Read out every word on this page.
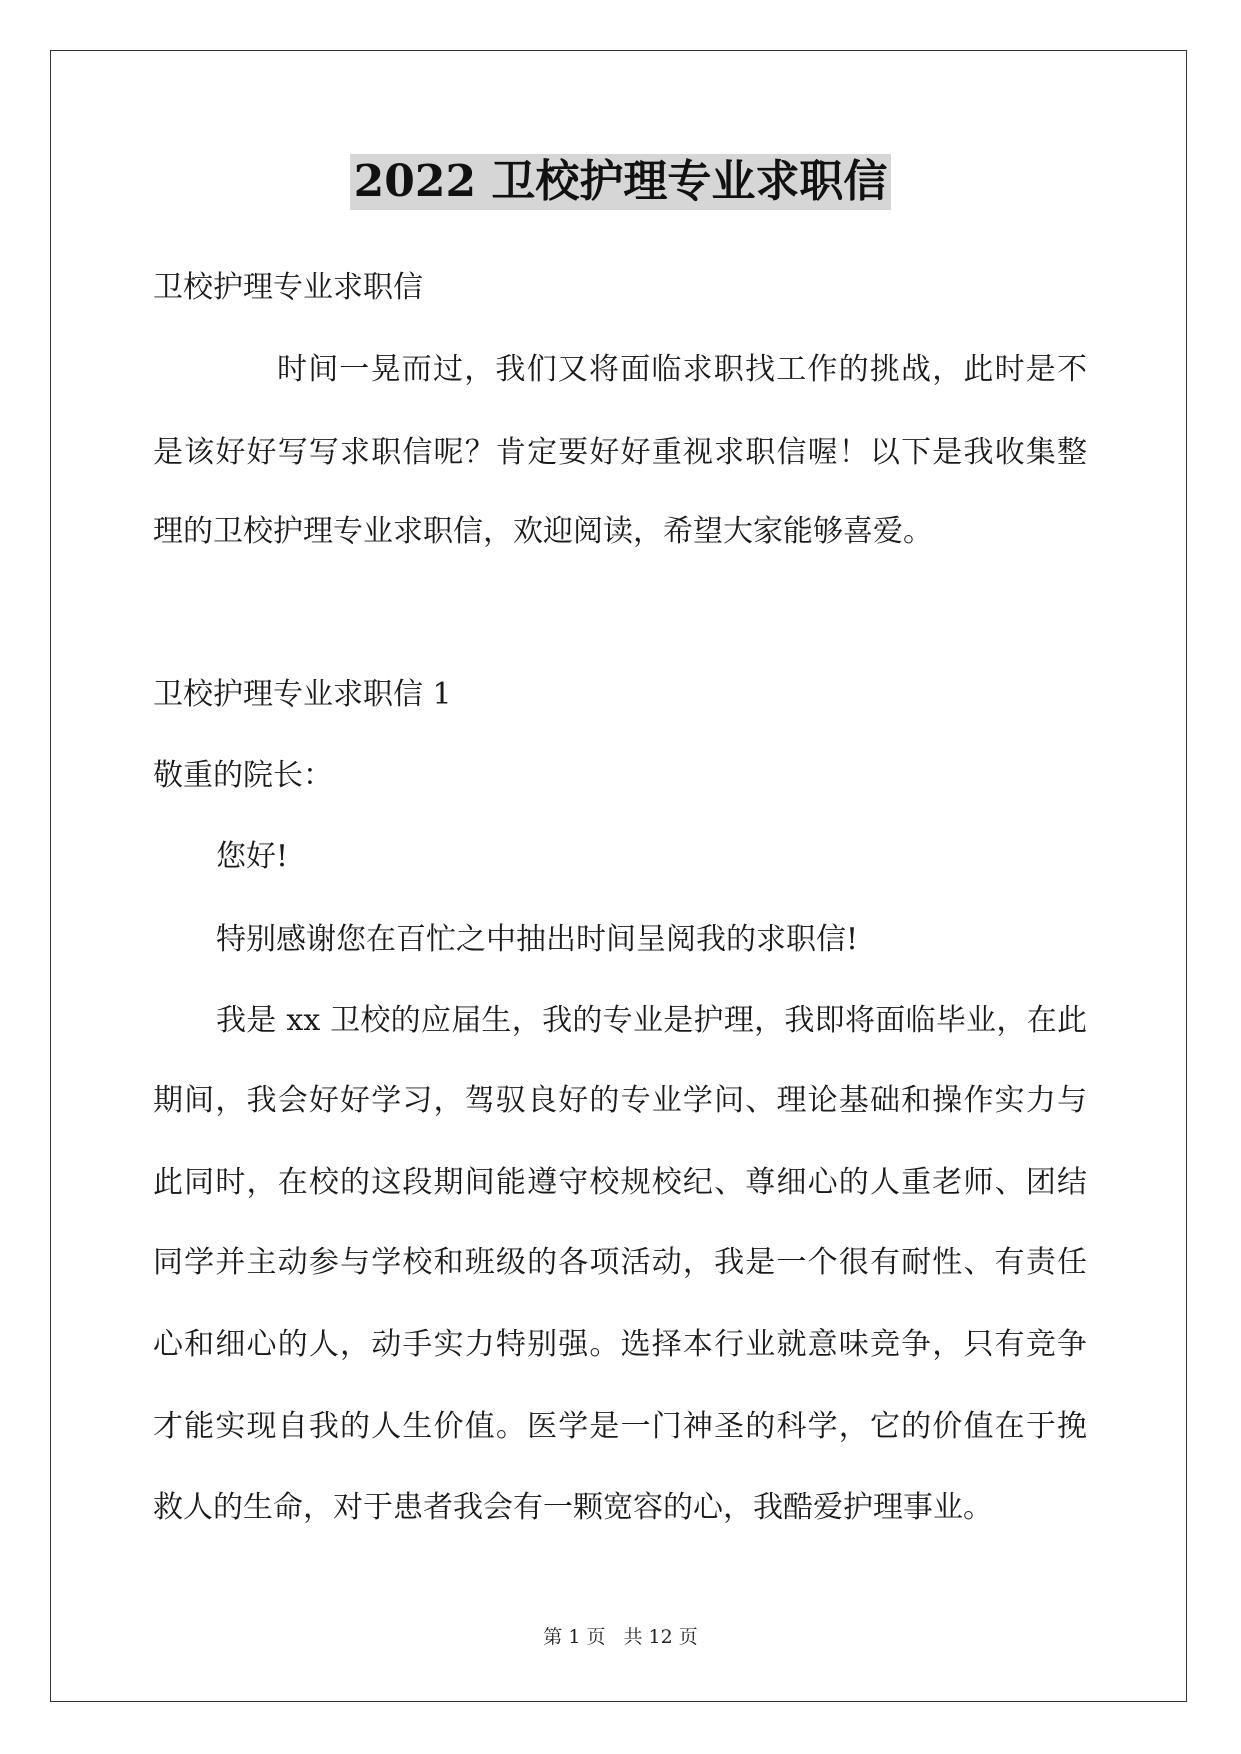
2022 卫校护理专业求职信
卫校护理专业求职信
时间一晃而过，我们又将面临求职找工作的挑战，此时是不
是该好好写写求职信呢？肯定要好好重视求职信喔！以下是我收集整
理的卫校护理专业求职信，欢迎阅读，希望大家能够喜爱。
卫校护理专业求职信 1
敬重的院长：
您好!
特别感谢您在百忙之中抽出时间呈阅我的求职信!
我是 xx 卫校的应届生，我的专业是护理，我即将面临毕业，在此
期间，我会好好学习，驾驭良好的专业学问、理论基础和操作实力与
此同时，在校的这段期间能遵守校规校纪、尊细心的人重老师、团结
同学并主动参与学校和班级的各项活动，我是一个很有耐性、有责任
心和细心的人，动手实力特别强。选择本行业就意味竞争，只有竞争
才能实现自我的人生价值。医学是一门神圣的科学，它的价值在于挽
救人的生命，对于患者我会有一颗宽容的心，我酷爱护理事业。
第 1 页 共 12 页
